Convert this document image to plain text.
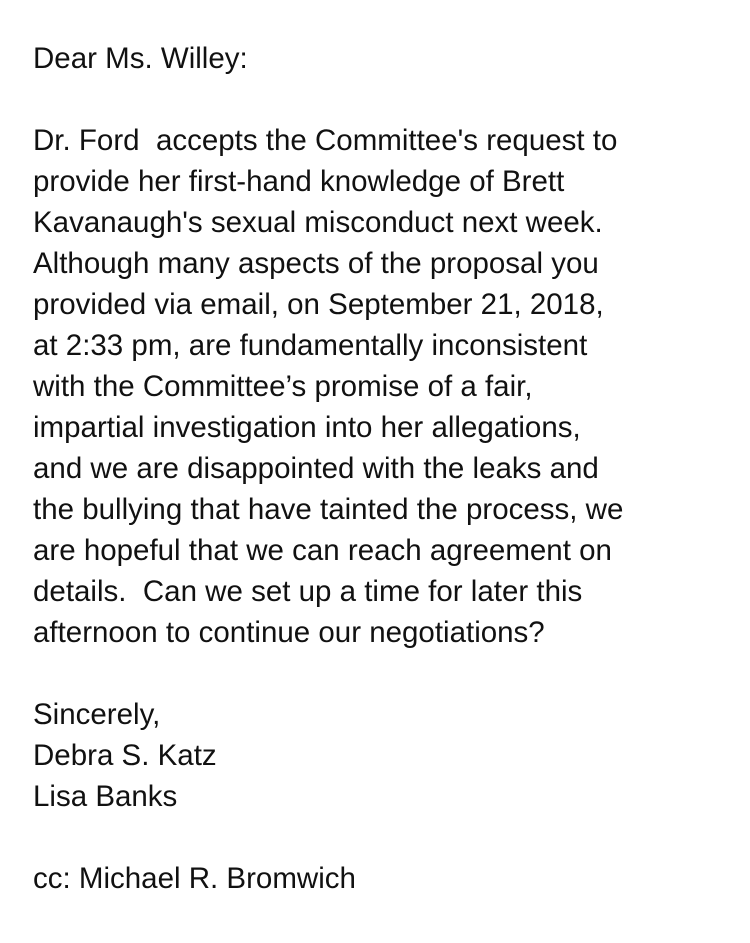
Dear Ms. Willey:
Dr. Ford  accepts the Committee's request to
provide her first-hand knowledge of Brett
Kavanaugh's sexual misconduct next week.
Although many aspects of the proposal you
provided via email, on September 21, 2018,
at 2:33 pm, are fundamentally inconsistent
with the Committee’s promise of a fair,
impartial investigation into her allegations,
and we are disappointed with the leaks and
the bullying that have tainted the process, we
are hopeful that we can reach agreement on
details.  Can we set up a time for later this
afternoon to continue our negotiations?
Sincerely,
Debra S. Katz
Lisa Banks
cc: Michael R. Bromwich
